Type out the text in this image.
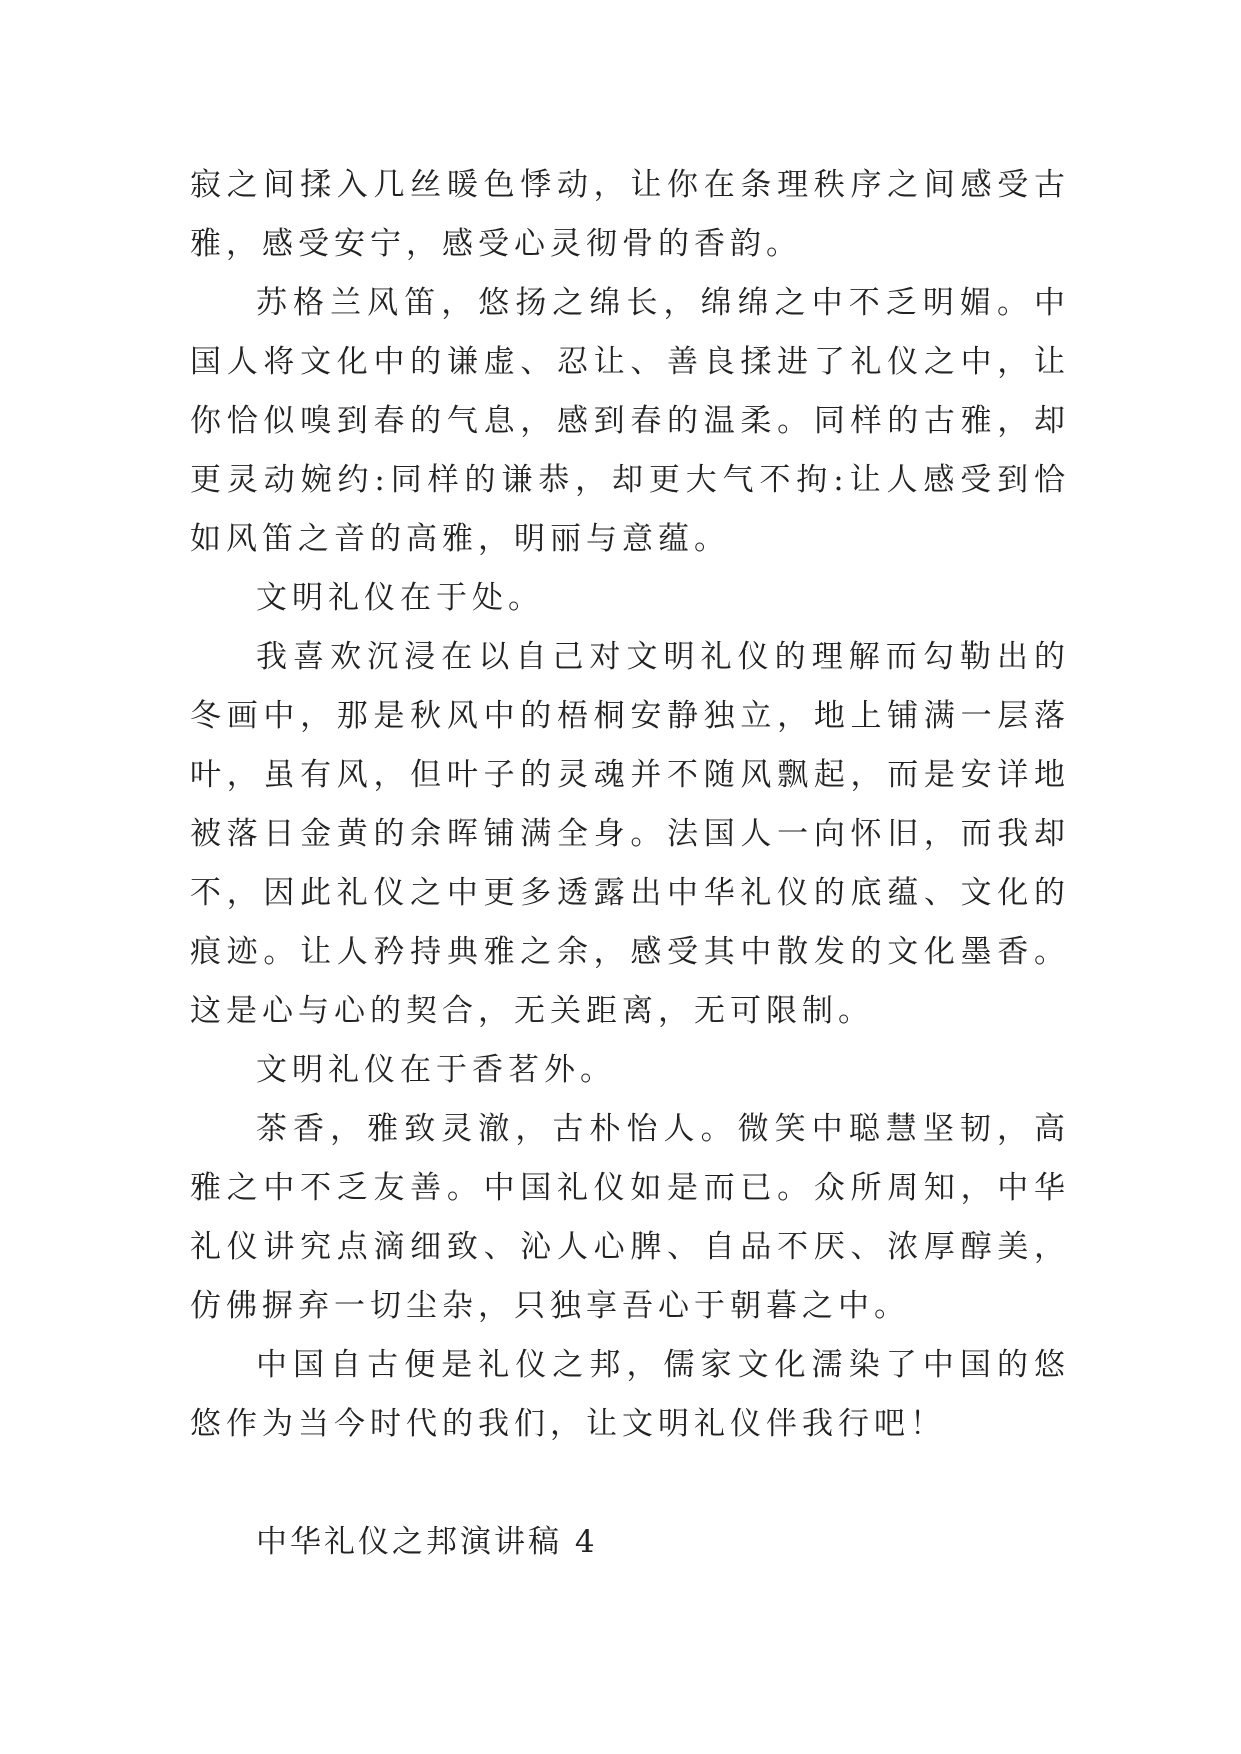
寂之间揉入几丝暖色悸动，让你在条理秩序之间感受古雅，感受安宁，感受心灵彻骨的香韵。

苏格兰风笛，悠扬之绵长，绵绵之中不乏明媚。中国人将文化中的谦虚、忍让、善良揉进了礼仪之中，让你恰似嗅到春的气息，感到春的温柔。同样的古雅，却更灵动婉约:同样的谦恭，却更大气不拘:让人感受到恰如风笛之音的高雅，明丽与意蕴。

文明礼仪在于处。

我喜欢沉浸在以自己对文明礼仪的理解而勾勒出的冬画中，那是秋风中的梧桐安静独立，地上铺满一层落叶，虽有风，但叶子的灵魂并不随风飘起，而是安详地被落日金黄的余晖铺满全身。法国人一向怀旧，而我却不，因此礼仪之中更多透露出中华礼仪的底蕴、文化的痕迹。让人矜持典雅之余，感受其中散发的文化墨香。这是心与心的契合，无关距离，无可限制。

文明礼仪在于香茗外。

茶香，雅致灵澈，古朴怡人。微笑中聪慧坚韧，高雅之中不乏友善。中国礼仪如是而已。众所周知，中华礼仪讲究点滴细致、沁人心脾、自品不厌、浓厚醇美，仿佛摒弃一切尘杂，只独享吾心于朝暮之中。

中国自古便是礼仪之邦，儒家文化濡染了中国的悠悠作为当今时代的我们，让文明礼仪伴我行吧！

中华礼仪之邦演讲稿 4
